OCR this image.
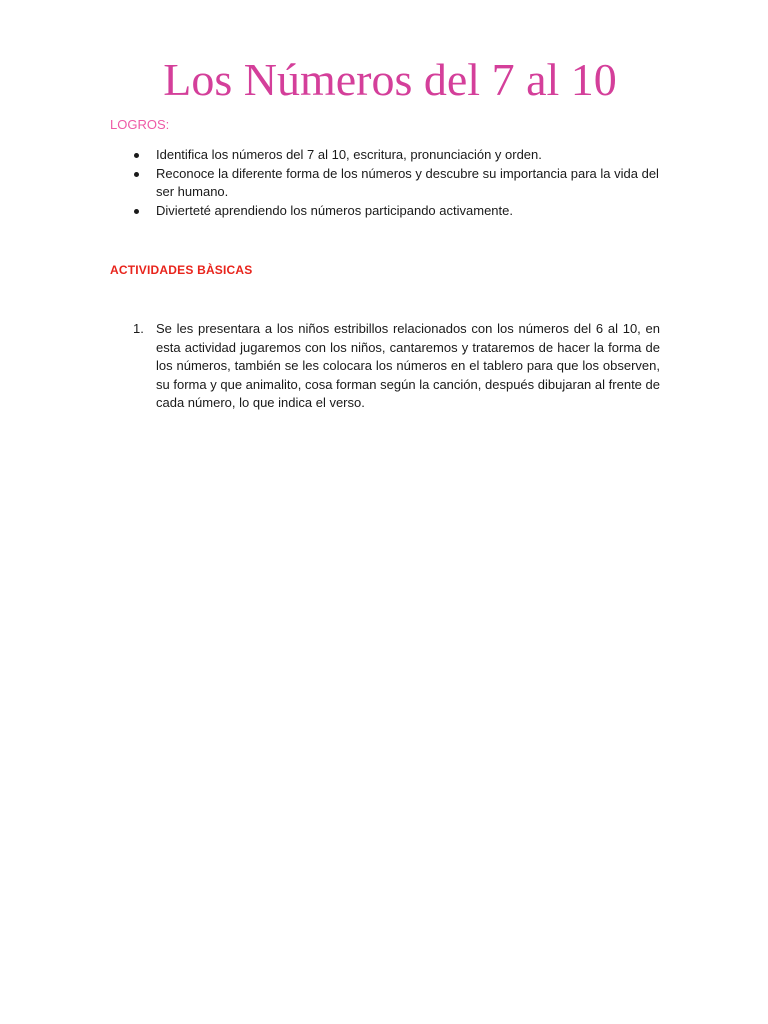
Los Números del 7 al 10
LOGROS:
Identifica los números del 7 al 10, escritura, pronunciación y orden.
Reconoce la diferente forma de los números y descubre su importancia para la vida del ser humano.
Divierteté aprendiendo los números participando activamente.
ACTIVIDADES BÀSICAS
1. Se les presentara a los niños estribillos relacionados con los números del 6 al 10, en esta actividad jugaremos con los niños, cantaremos y trataremos de hacer la forma de los números, también se les colocara los números en el tablero para que los observen, su forma y que animalito, cosa forman según la canción, después dibujaran al frente de cada número, lo que indica el verso.
